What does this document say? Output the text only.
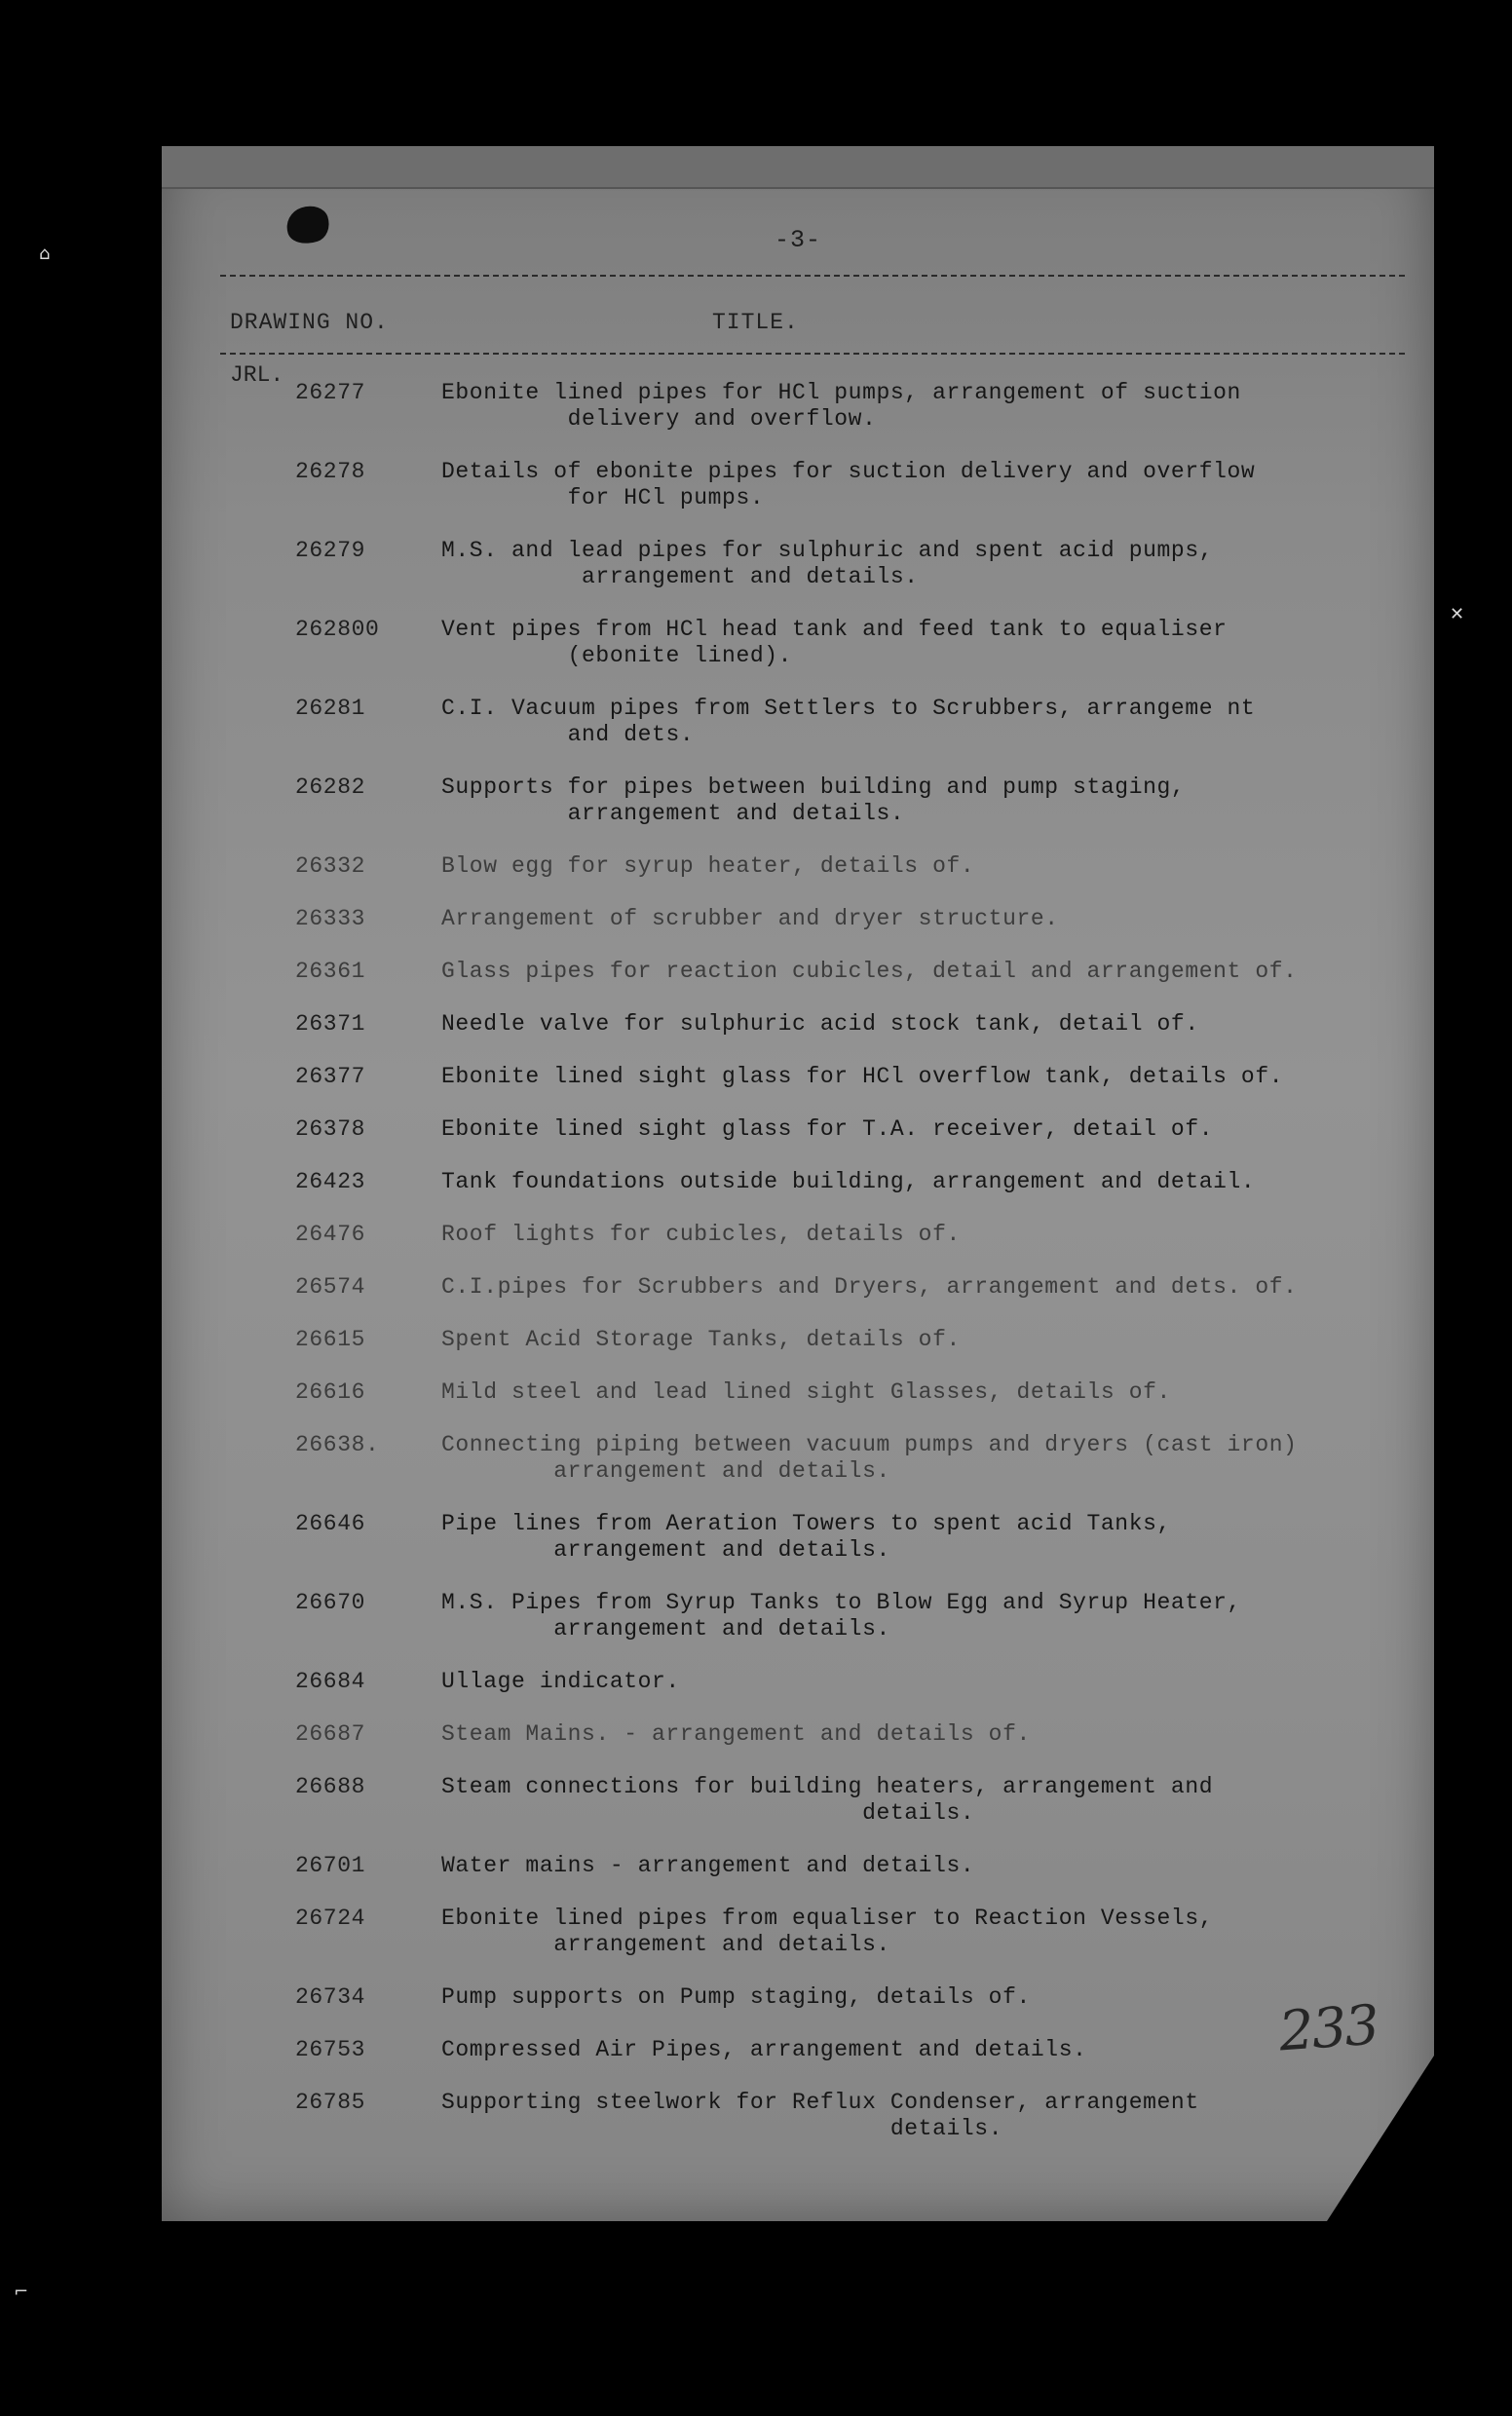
⌂
✕
⌐
-3-
DRAWING NO.	TITLE.
JRL.
26277	Ebonite lined pipes for HCl pumps, arrangement of suction
delivery and overflow.
26278	Details of ebonite pipes for suction delivery and overflow
for HCl pumps.
26279	M.S. and lead pipes for sulphuric and spent acid pumps,
arrangement and details.
262800	Vent pipes from HCl head tank and feed tank to equaliser
(ebonite lined).
26281	C.I. Vacuum pipes from Settlers to Scrubbers, arrangeme nt
and dets.
26282	Supports for pipes between building and pump staging,
arrangement and details.
26332	Blow egg for syrup heater, details of.
26333	Arrangement of scrubber and dryer structure.
26361	Glass pipes for reaction cubicles, detail and arrangement of.
26371	Needle valve for sulphuric acid stock tank, detail of.
26377	Ebonite lined sight glass for HCl overflow tank, details of.
26378	Ebonite lined sight glass for T.A. receiver, detail of.
26423	Tank foundations outside building, arrangement and detail.
26476	Roof lights for cubicles, details of.
26574	C.I.pipes for Scrubbers and Dryers, arrangement and dets. of.
26615	Spent Acid Storage Tanks, details of.
26616	Mild steel and lead lined sight Glasses, details of.
26638.	Connecting piping between vacuum pumps and dryers (cast iron)
arrangement and details.
26646	Pipe lines from Aeration Towers to spent acid Tanks,
arrangement and details.
26670	M.S. Pipes from Syrup Tanks to Blow Egg and Syrup Heater,
arrangement and details.
26684	Ullage indicator.
26687	Steam Mains. - arrangement and details of.
26688	Steam connections for building heaters, arrangement and
details.
26701	Water mains - arrangement and details.
26724	Ebonite lined pipes from equaliser to Reaction Vessels,
arrangement and details.
26734	Pump supports on Pump staging, details of.
26753	Compressed Air Pipes, arrangement and details.
26785	Supporting steelwork for Reflux Condenser, arrangement
details.
233
